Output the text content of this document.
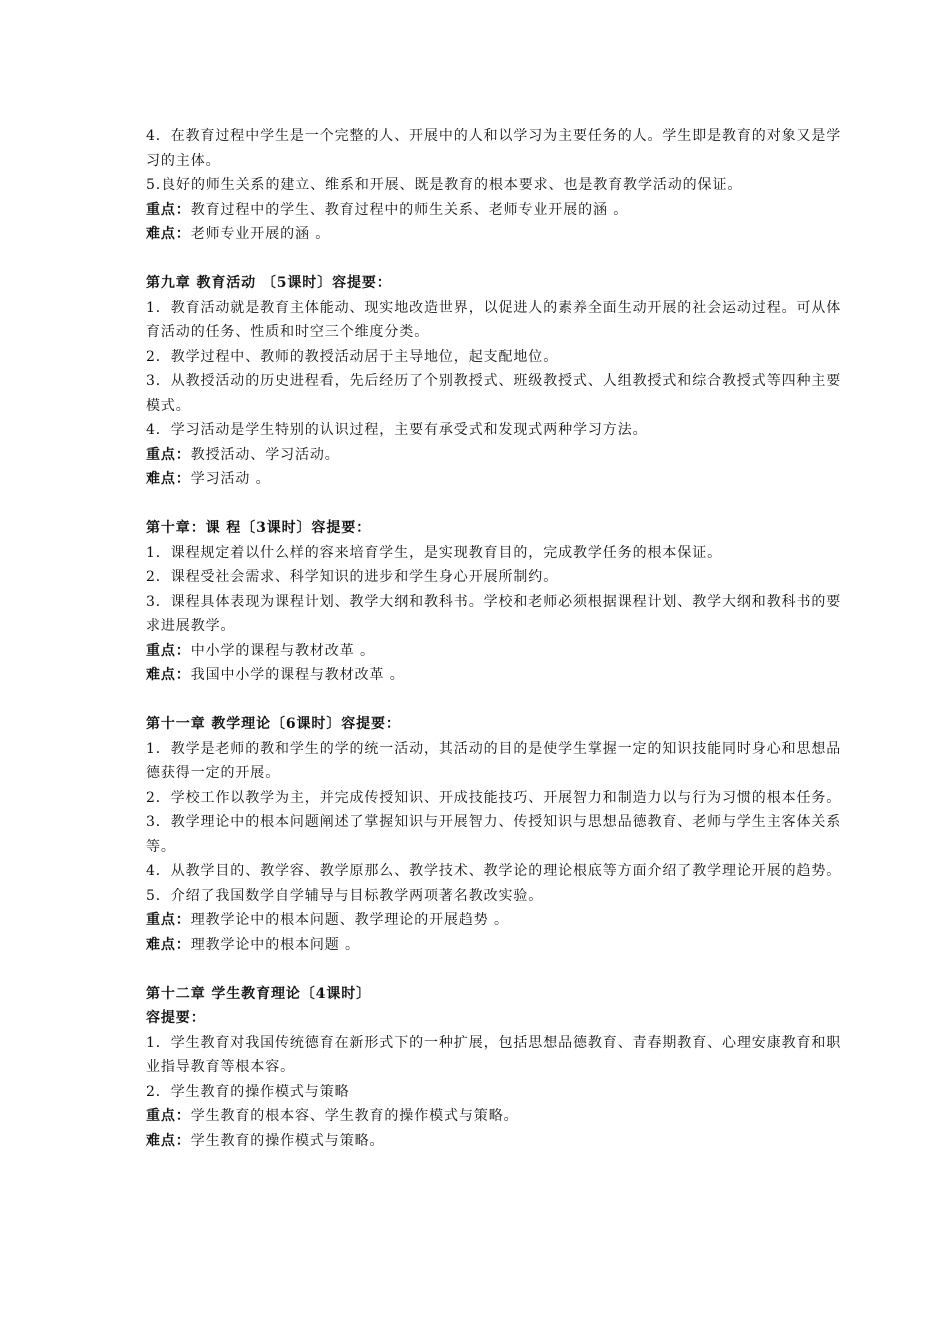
4．在教育过程中学生是一个完整的人、开展中的人和以学习为主要任务的人。学生即是教育的对象又是学习的主体。

5.良好的师生关系的建立、维系和开展、既是教育的根本要求、也是教育教学活动的保证。

重点：教育过程中的学生、教育过程中的师生关系、老师专业开展的涵 。

难点：老师专业开展的涵 。

第九章 教育活动 〔5课时〕容提要：

1．教育活动就是教育主体能动、现实地改造世界，以促进人的素养全面生动开展的社会运动过程。可从体育活动的任务、性质和时空三个维度分类。

2．教学过程中、教师的教授活动居于主导地位，起支配地位。

3．从教授活动的历史进程看，先后经历了个别教授式、班级教授式、人组教授式和综合教授式等四种主要模式。

4．学习活动是学生特别的认识过程，主要有承受式和发现式两种学习方法。

重点：教授活动、学习活动。

难点：学习活动 。

第十章：课 程〔3课时〕容提要：

1．课程规定着以什么样的容来培育学生，是实现教育目的，完成教学任务的根本保证。

2．课程受社会需求、科学知识的进步和学生身心开展所制约。

3．课程具体表现为课程计划、教学大纲和教科书。学校和老师必须根据课程计划、教学大纲和教科书的要求进展教学。

重点：中小学的课程与教材改革 。

难点：我国中小学的课程与教材改革 。

第十一章 教学理论〔6课时〕容提要：

1．教学是老师的教和学生的学的统一活动，其活动的目的是使学生掌握一定的知识技能同时身心和思想品德获得一定的开展。

2．学校工作以教学为主，并完成传授知识、开成技能技巧、开展智力和制造力以与行为习惯的根本任务。

3．教学理论中的根本问题阐述了掌握知识与开展智力、传授知识与思想品德教育、老师与学生主客体关系等。

4．从教学目的、教学容、教学原那么、教学技术、教学论的理论根底等方面介绍了教学理论开展的趋势。

5．介绍了我国数学自学辅导与目标教学两项著名教改实验。

重点：理教学论中的根本问题、教学理论的开展趋势 。

难点：理教学论中的根本问题 。

第十二章 学生教育理论〔4课时〕

容提要：

1．学生教育对我国传统德育在新形式下的一种扩展，包括思想品德教育、青春期教育、心理安康教育和职业指导教育等根本容。

2．学生教育的操作模式与策略

重点：学生教育的根本容、学生教育的操作模式与策略。

难点：学生教育的操作模式与策略。
